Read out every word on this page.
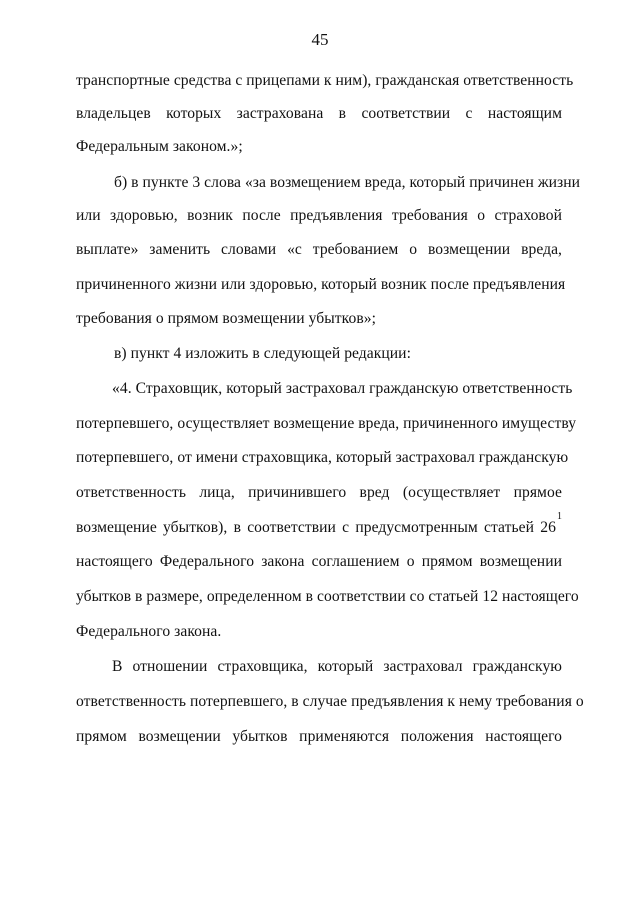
45
транспортные средства с прицепами к ним), гражданская ответственность
владельцев которых застрахована в соответствии с настоящим
Федеральным законом.»;
б) в пункте 3 слова «за возмещением вреда, который причинен жизни
или здоровью, возник после предъявления требования о страховой
выплате» заменить словами «с требованием о возмещении вреда,
причиненного жизни или здоровью, который возник после предъявления
требования о прямом возмещении убытков»;
в) пункт 4 изложить в следующей редакции:
«4. Страховщик, который застраховал гражданскую ответственность
потерпевшего, осуществляет возмещение вреда, причиненного имуществу
потерпевшего, от имени страховщика, который застраховал гражданскую
ответственность лица, причинившего вред (осуществляет прямое
возмещение убытков), в соответствии с предусмотренным статьей 26
$^1$
настоящего Федерального закона соглашением о прямом возмещении
убытков в размере, определенном в соответствии со статьей 12 настоящего
Федерального закона.
В отношении страховщика, который застраховал гражданскую
ответственность потерпевшего, в случае предъявления к нему требования о
прямом возмещении убытков применяются положения настоящего
